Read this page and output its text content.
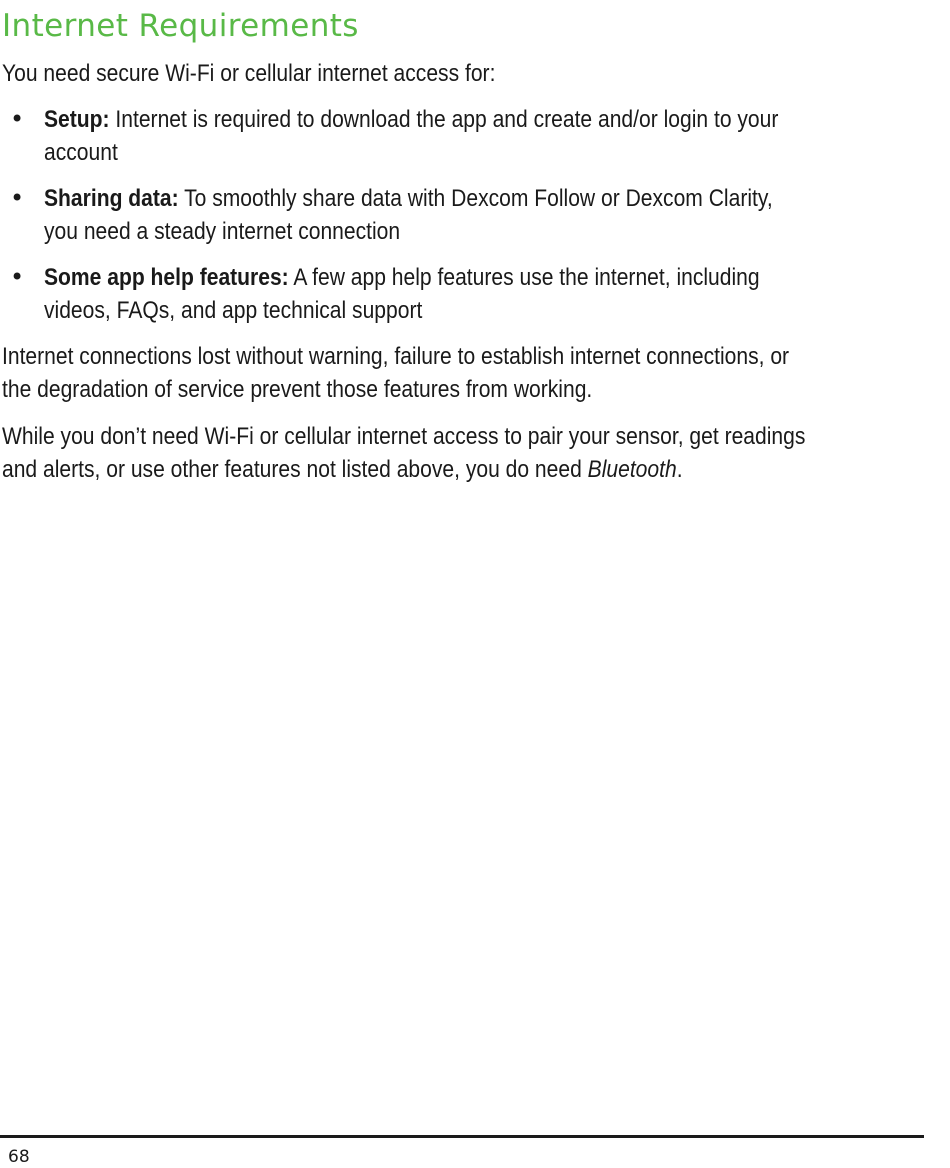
Internet Requirements

You need secure Wi-Fi or cellular internet access for:

• Setup: Internet is required to download the app and create and/or login to your
account
• Sharing data: To smoothly share data with Dexcom Follow or Dexcom Clarity,
you need a steady internet connection
• Some app help features: A few app help features use the internet, including
videos, FAQs, and app technical support
Internet connections lost without warning, failure to establish internet connections, or
the degradation of service prevent those features from working.
While you don’t need Wi-Fi or cellular internet access to pair your sensor, get readings
and alerts, or use other features not listed above, you do need Bluetooth.
68
